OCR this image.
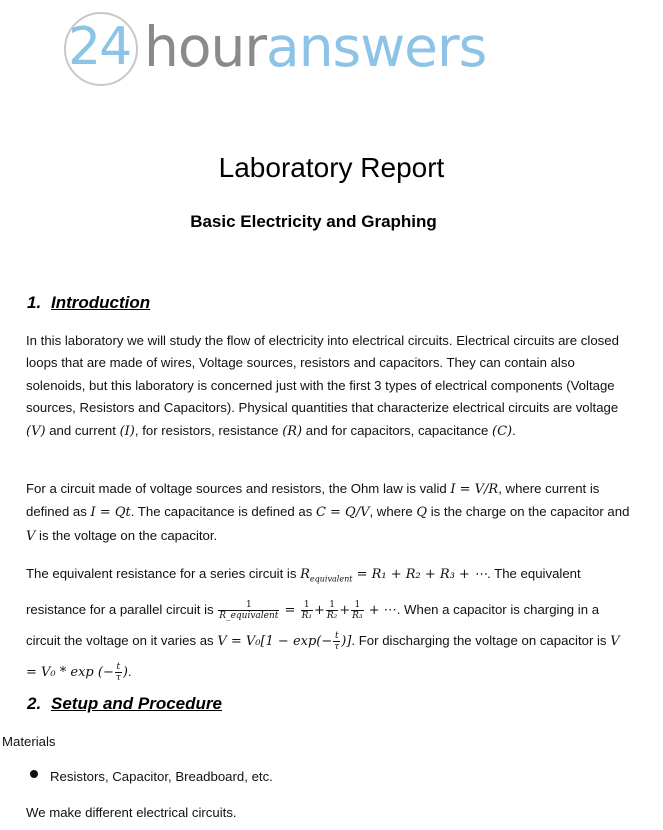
24 houranswers
Laboratory Report
Basic Electricity and Graphing
1. Introduction
In this laboratory we will study the flow of electricity into electrical circuits. Electrical circuits are closed loops that are made of wires, Voltage sources, resistors and capacitors. They can contain also solenoids, but this laboratory is concerned just with the first 3 types of electrical components (Voltage sources, Resistors and Capacitors). Physical quantities that characterize electrical circuits are voltage (V) and current (I), for resistors, resistance (R) and for capacitors, capacitance (C).
For a circuit made of voltage sources and resistors, the Ohm law is valid I = V/R, where current is defined as I = Qt. The capacitance is defined as C = Q/V, where Q is the charge on the capacitor and V is the voltage on the capacitor.
The equivalent resistance for a series circuit is $R_{equivalent} = R_1 + R_2 + R_3$ + ⋯. The equivalent resistance for a parallel circuit is $\frac{1}{\text{R\_equivalent}} = \frac{1}{\text{R₁}} + \frac{1}{\text{R₂}} + \frac{1}{\text{R₃}}$ + ⋯. When a capacitor is charging in a circuit the voltage on it varies as $V = V_0[1 - \exp(- \frac{t}{\tau}$ )]. For discharging the voltage on capacitor is V = V₀ * exp (− $\frac{t}{\tau}$ ).
2. Setup and Procedure
Materials
Resistors, Capacitor, Breadboard, etc.
We make different electrical circuits.
